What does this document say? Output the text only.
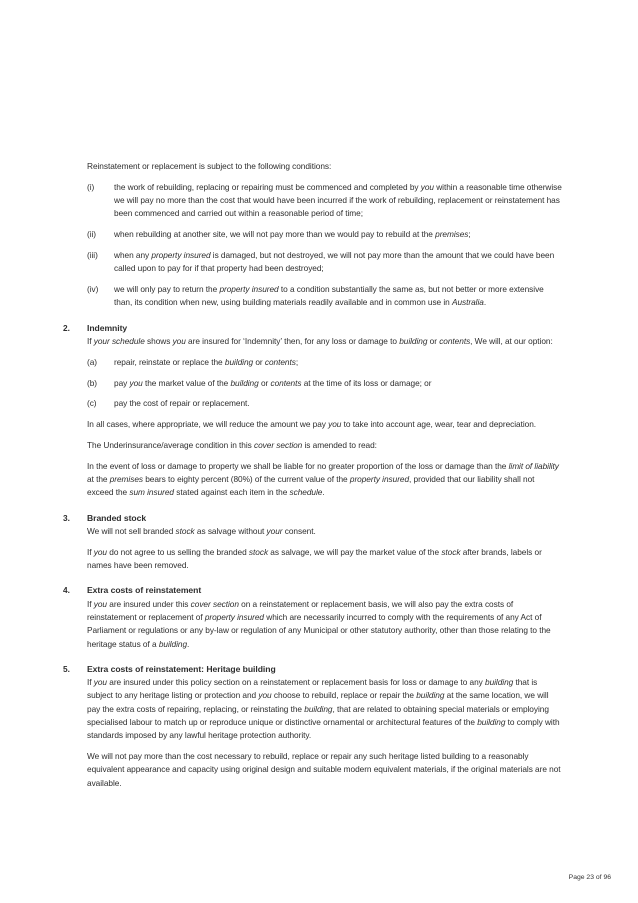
Reinstatement or replacement is subject to the following conditions:

(i)	the work of rebuilding, replacing or repairing must be commenced and completed by you within a reasonable time otherwise we will pay no more than the cost that would have been incurred if the work of rebuilding, replacement or reinstatement has been commenced and carried out within a reasonable period of time;
(ii)	when rebuilding at another site, we will not pay more than we would pay to rebuild at the premises;
(iii)	when any property insured is damaged, but not destroyed, we will not pay more than the amount that we could have been called upon to pay for if that property had been destroyed;
(iv)	we will only pay to return the property insured to a condition substantially the same as, but not better or more extensive than, its condition when new, using building materials readily available and in common use in Australia.
2.	Indemnity

If your schedule shows you are insured for ‘Indemnity’ then, for any loss or damage to building or contents, We will, at our option:

(a)	repair, reinstate or replace the building or contents;
(b)	pay you the market value of the building or contents at the time of its loss or damage; or
(c)	pay the cost of repair or replacement.

In all cases, where appropriate, we will reduce the amount we pay you to take into account age, wear, tear and depreciation.

The Underinsurance/average condition in this cover section is amended to read:

In the event of loss or damage to property we shall be liable for no greater proportion of the loss or damage than the limit of liability at the premises bears to eighty percent (80%) of the current value of the property insured, provided that our liability shall not exceed the sum insured stated against each item in the schedule.

3.	Branded stock

We will not sell branded stock as salvage without your consent.

If you do not agree to us selling the branded stock as salvage, we will pay the market value of the stock after brands, labels or names have been removed.

4.	Extra costs of reinstatement

If you are insured under this cover section on a reinstatement or replacement basis, we will also pay the extra costs of reinstatement or replacement of property insured which are necessarily incurred to comply with the requirements of any Act of Parliament or regulations or any by-law or regulation of any Municipal or other statutory authority, other than those relating to the heritage status of a building.

5.	Extra costs of reinstatement: Heritage building

If you are insured under this policy section on a reinstatement or replacement basis for loss or damage to any building that is subject to any heritage listing or protection and you choose to rebuild, replace or repair the building at the same location, we will pay the extra costs of repairing, replacing, or reinstating the building, that are related to obtaining special materials or employing specialised labour to match up or reproduce unique or distinctive ornamental or architectural features of the building to comply with standards imposed by any lawful heritage protection authority.

We will not pay more than the cost necessary to rebuild, replace or repair any such heritage listed building to a reasonably equivalent appearance and capacity using original design and suitable modern equivalent materials, if the original materials are not available.

Page 23 of 96
